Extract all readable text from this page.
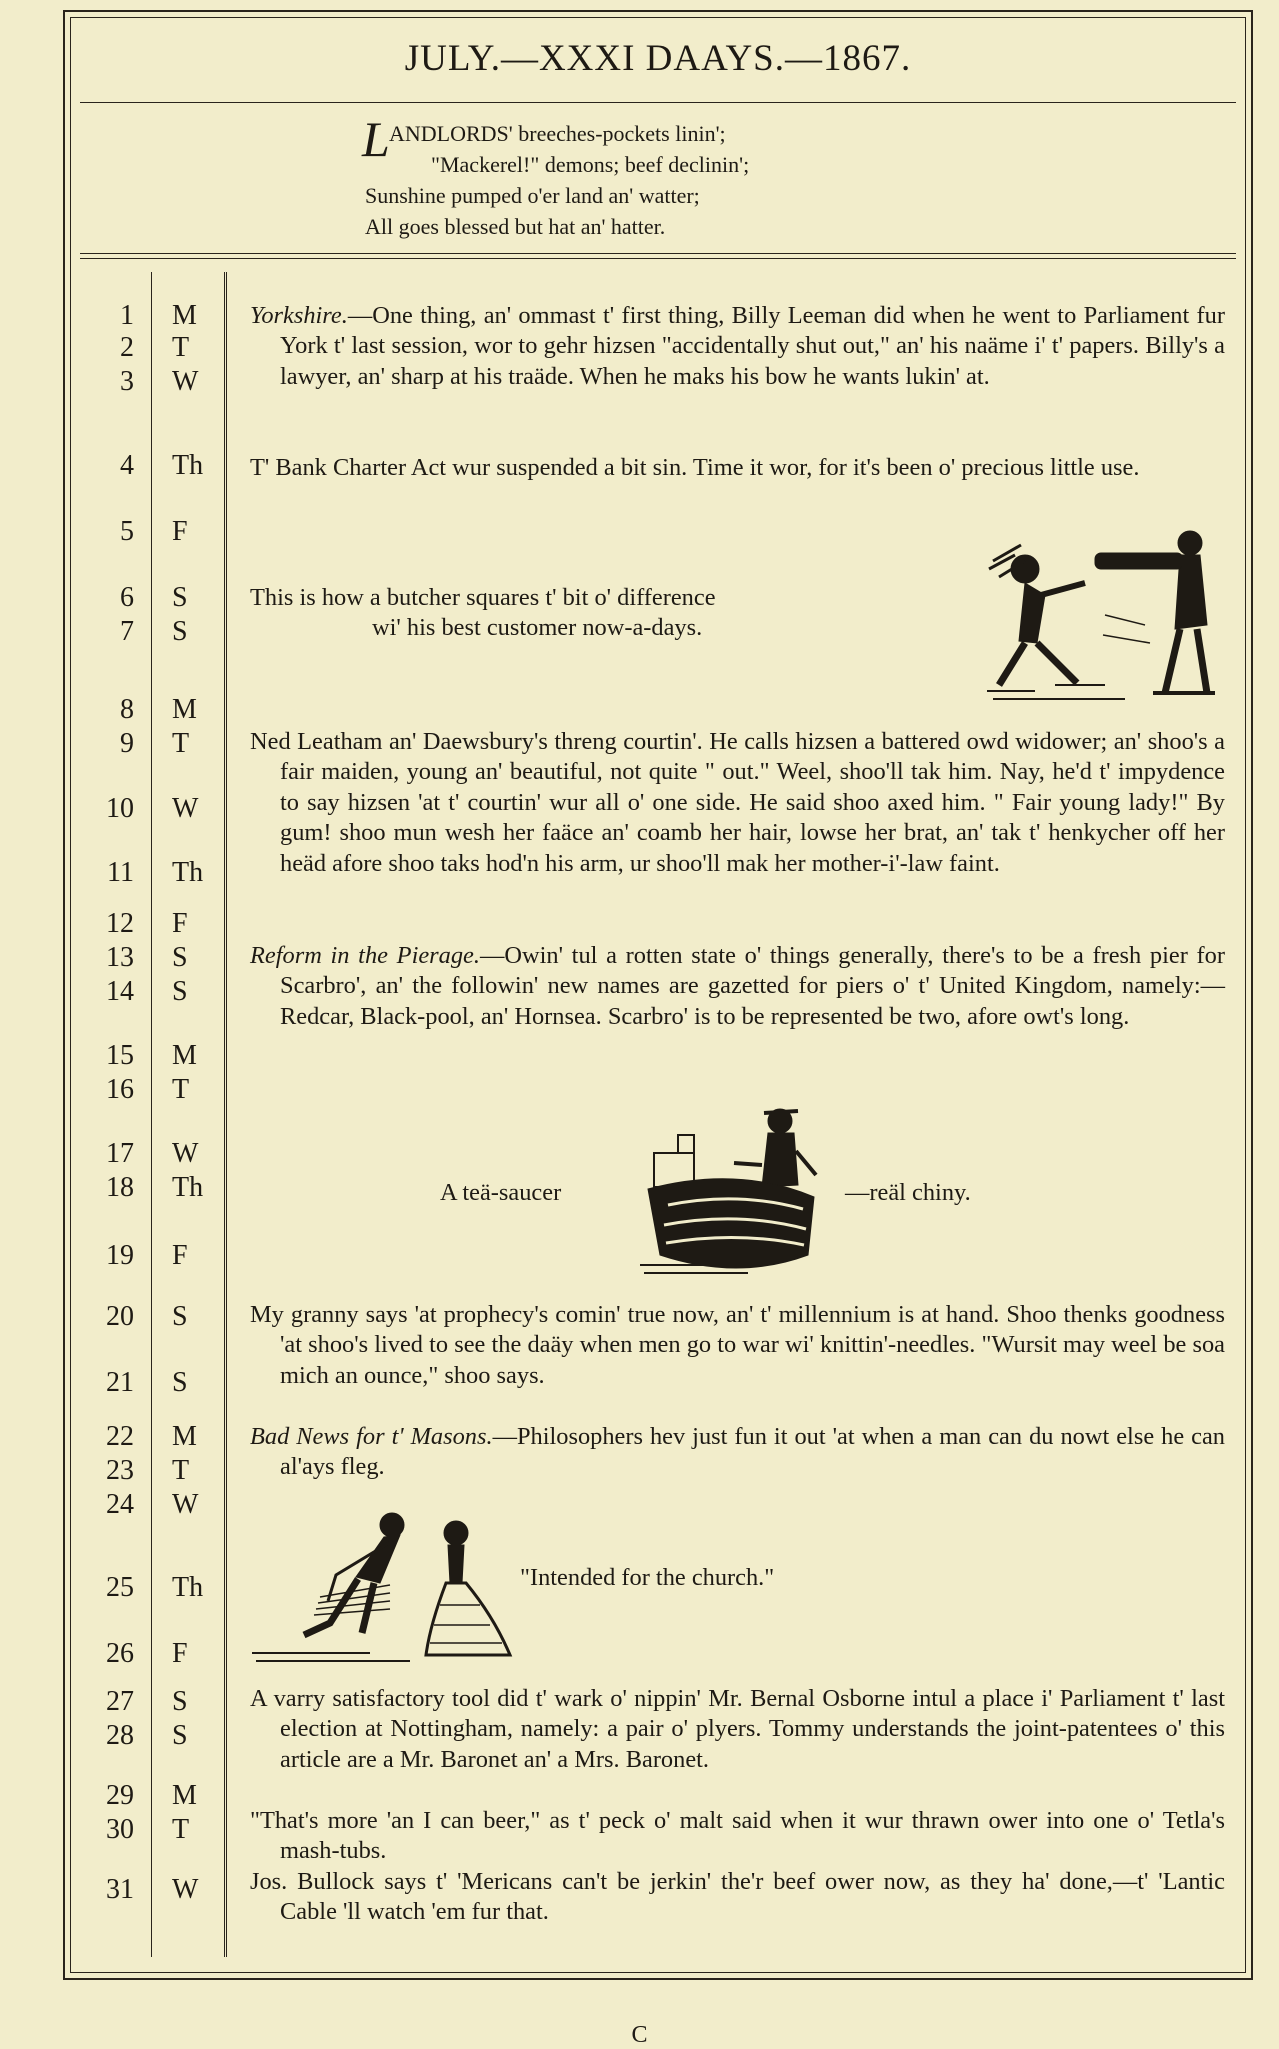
JULY.—XXXI DAAYS.—1867.
L ANDLORDS' breeches-pockets linin';
"Mackerel!" demons; beef declinin';
Sunshine pumped o'er land an' watter;
All goes blessed but hat an' hatter.
1 M
2 T
3 W
4 Th
5 F
6 S
7 S
8 M
9 T
10 W
11 Th
12 F
13 S
14 S
15 M
16 T
17 W
18 Th
19 F
20 S
21 S
22 M
23 T
24 W
25 Th
26 F
27 S
28 S
29 M
30 T
31 W

Yorkshire.—One thing, an' ommast t' first thing, Billy Leeman did when he went to Parliament fur York t' last session, wor to gehr hizsen "accidentally shut out," an' his naäme i' t' papers. Billy's a lawyer, an' sharp at his traäde. When he maks his bow he wants lukin' at.

T' Bank Charter Act wur suspended a bit sin. Time it wor, for it's been o' precious little use.

This is how a butcher squares t' bit o' difference
wi' his best customer now-a-days.

Ned Leatham an' Daewsbury's threng courtin'. He calls hizsen a battered owd widower; an' shoo's a fair maiden, young an' beautiful, not quite " out." Weel, shoo'll tak him. Nay, he'd t' impydence to say hizsen 'at t' courtin' wur all o' one side. He said shoo axed him. " Fair young lady!" By gum! shoo mun wesh her faäce an' coamb her hair, lowse her brat, an' tak t' henkycher off her heäd afore shoo taks hod'n his arm, ur shoo'll mak her mother-i'-law faint.

Reform in the Pierage.—Owin' tul a rotten state o' things generally, there's to be a fresh pier for Scarbro', an' the followin' new names are gazetted for piers o' t' United Kingdom, namely:—Redcar, Black-pool, an' Hornsea. Scarbro' is to be represented be two, afore owt's long.

A teä-saucer	—reäl chiny.

My granny says 'at prophecy's comin' true now, an' t' millennium is at hand. Shoo thenks goodness 'at shoo's lived to see the daäy when men go to war wi' knittin'-needles. "Wursit may weel be soa mich an ounce," shoo says.

Bad News for t' Masons.—Philosophers hev just fun it out 'at when a man can du nowt else he can al'ays fleg.

"Intended for the church."

A varry satisfactory tool did t' wark o' nippin' Mr. Bernal Osborne intul a place i' Parliament t' last election at Nottingham, namely: a pair o' plyers. Tommy understands the joint-patentees o' this article are a Mr. Baronet an' a Mrs. Baronet.

"That's more 'an I can beer," as t' peck o' malt said when it wur thrawn ower into one o' Tetla's mash-tubs.

Jos. Bullock says t' 'Mericans can't be jerkin' the'r beef ower now, as they ha' done,—t' 'Lantic Cable 'll watch 'em fur that.

C
